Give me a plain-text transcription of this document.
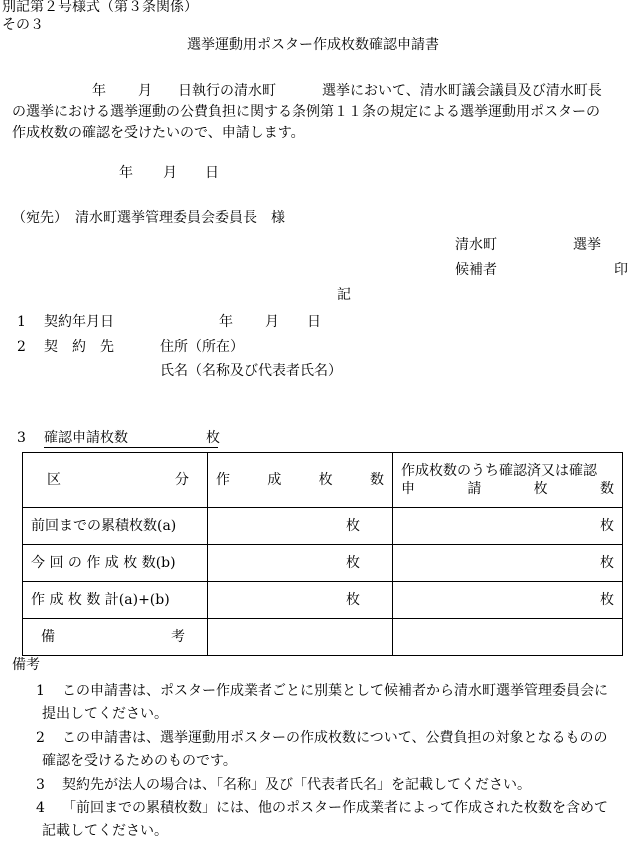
別記第２号様式（第３条関係）
その３
選挙運動用ポスター作成枚数確認申請書
年 月 日執行の清水町	選挙において、清水町議会議員及び清水町長
の選挙における選挙運動の公費負担に関する条例第１１条の規定による選挙運動用ポスターの
作成枚数の確認を受けたいので、申請します。
年 月 日
（宛先）　清水町選挙管理委員会委員長　様
清水町	選挙
候補者	印
記
1 契約年月日	年 月 日
2 契　約　先	住所（所在）
氏名（名称及び代表者氏名）
3 確認申請枚数	枚
区 分	作 成 枚 数	作成枚数のうち確認済又は確認
申 請 枚 数

前回までの累積枚数(a)	枚	枚
今 回 の 作 成 枚 数(b)	枚	枚
作 成 枚 数 計(a)+(b)	枚	枚

備 考		

備考
1	この申請書は、ポスター作成業者ごとに別葉として候補者から清水町選挙管理委員会に
提出してください。
2	この申請書は、選挙運動用ポスターの作成枚数について、公費負担の対象となるものの
確認を受けるためのものです。
3	契約先が法人の場合は、「名称」及び「代表者氏名」を記載してください。
4	「前回までの累積枚数」には、他のポスター作成業者によって作成された枚数を含めて
記載してください。
